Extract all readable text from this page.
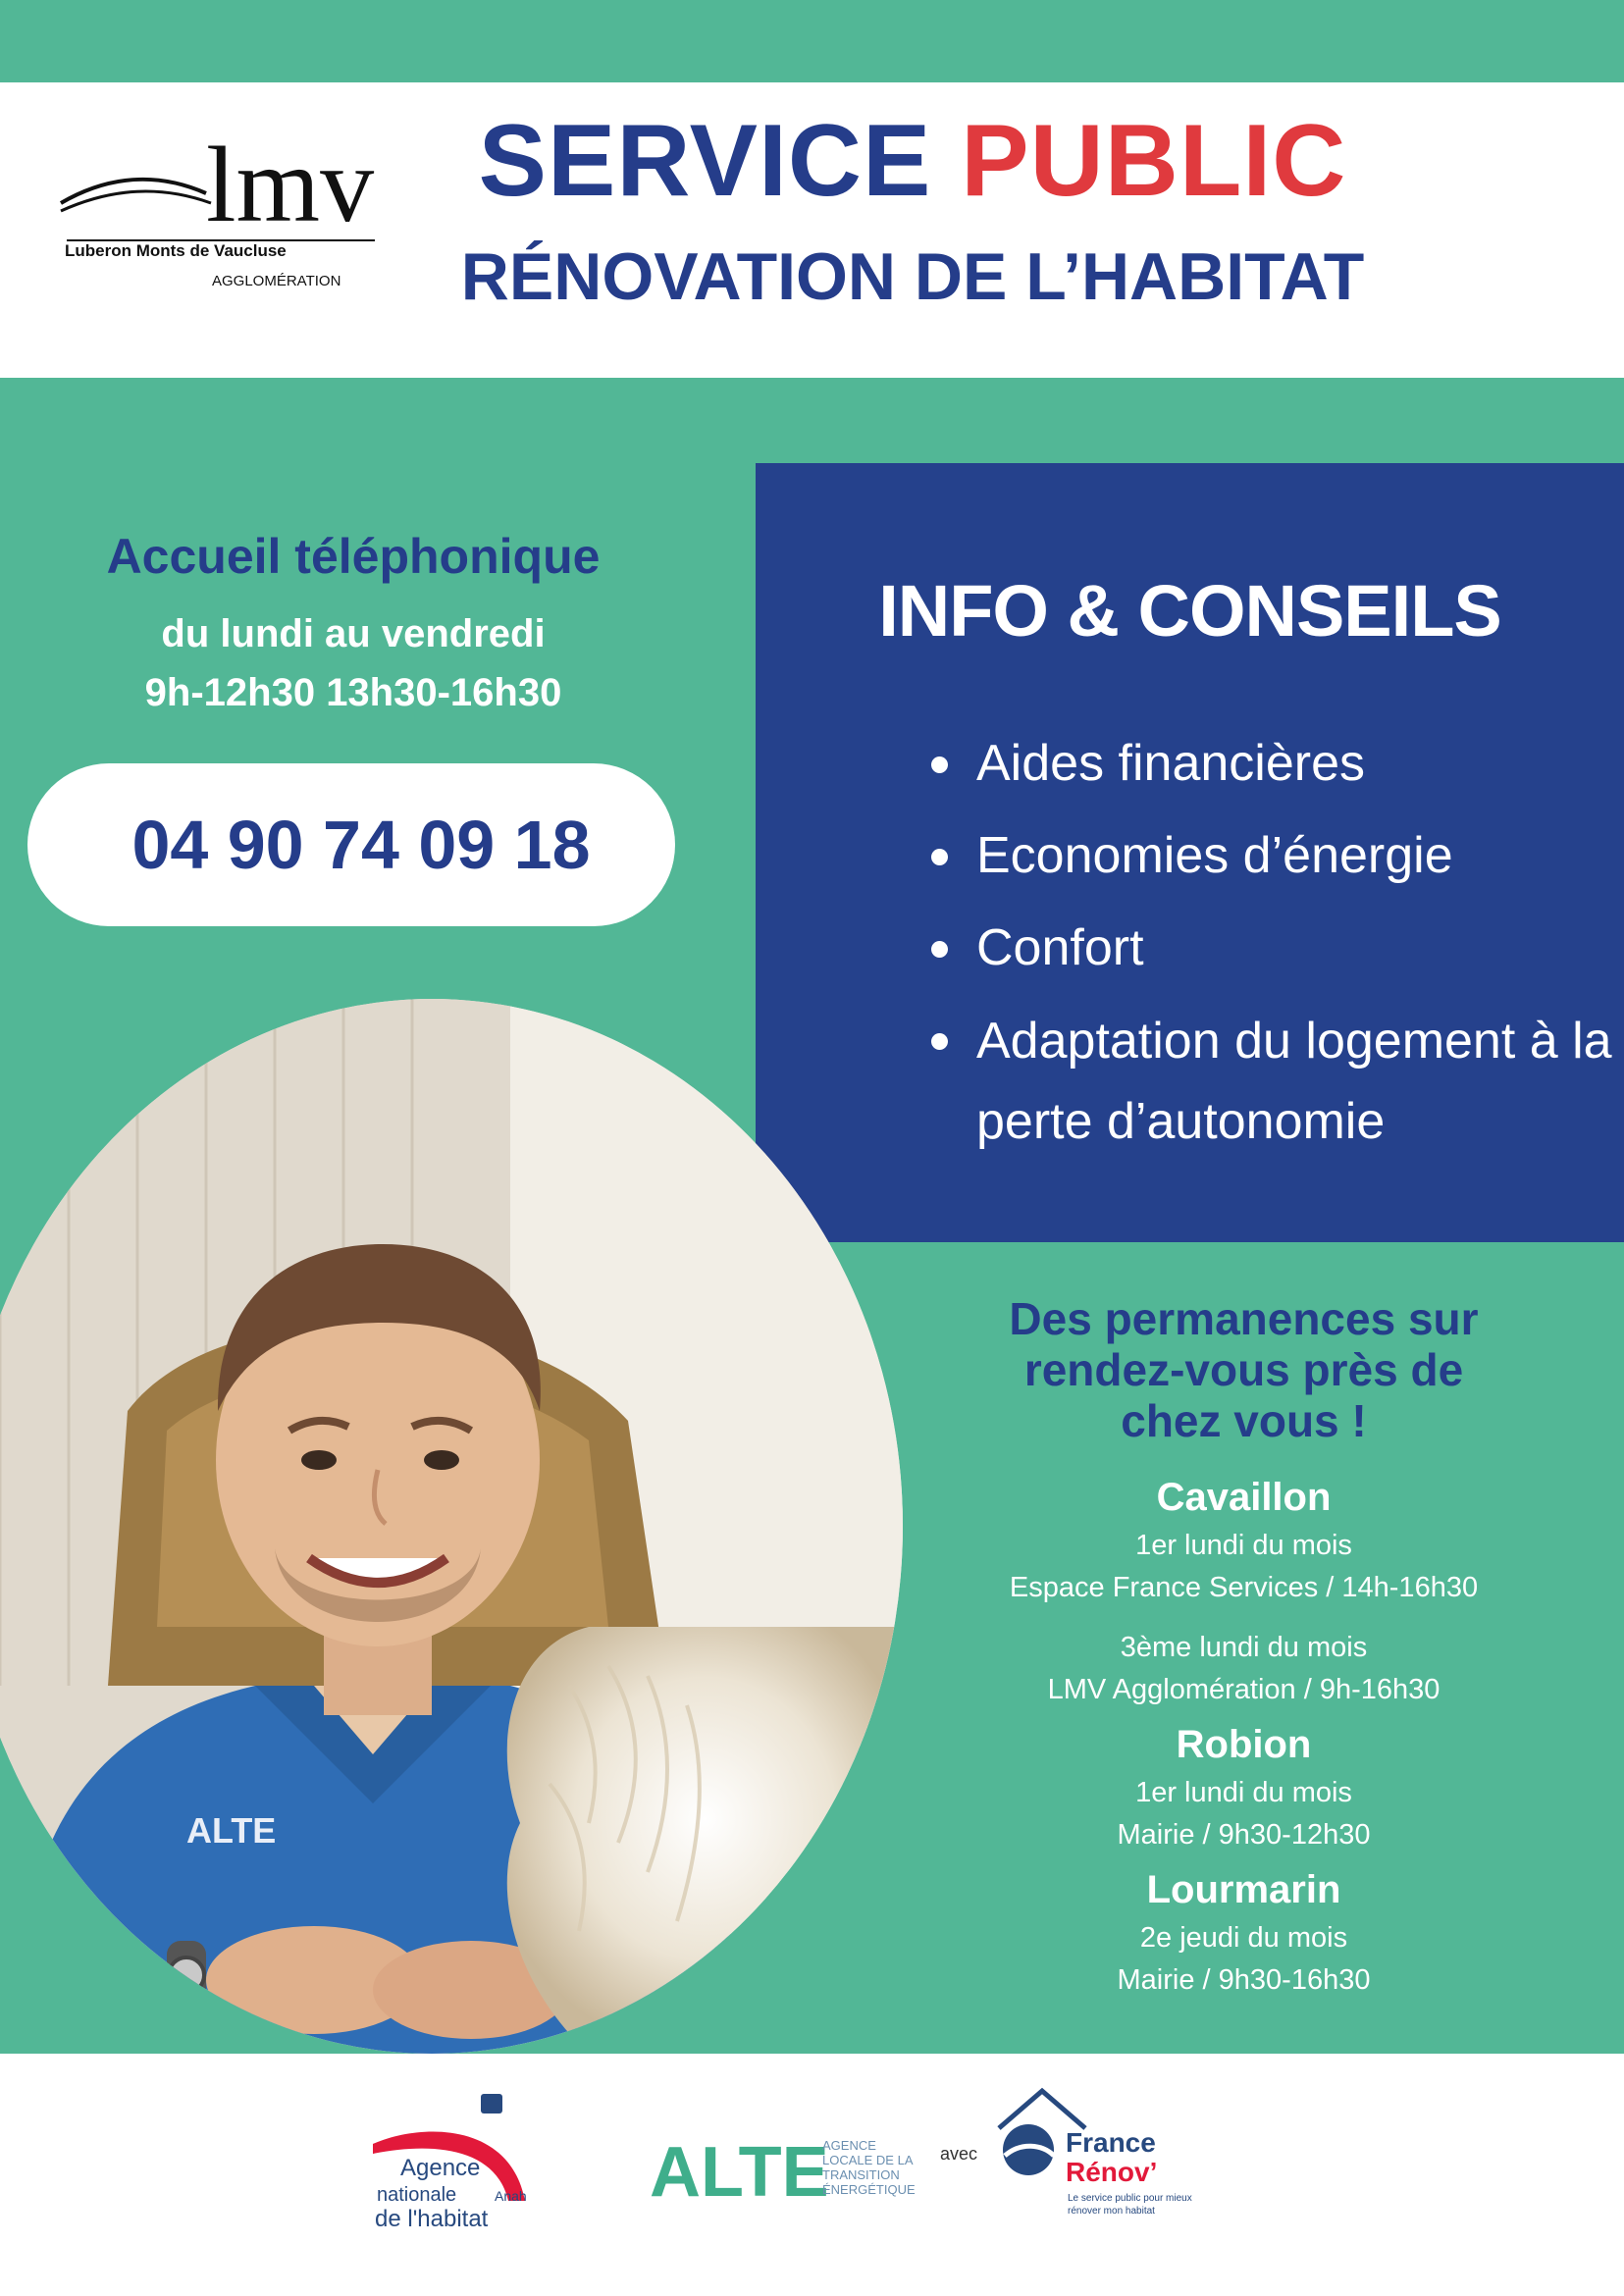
lmv
Luberon Monts de Vaucluse
AGGLOMÉRATION
SERVICE PUBLIC
RÉNOVATION DE L’HABITAT
Accueil téléphonique
du lundi au vendredi
9h-12h30 13h30-16h30
04 90 74 09 18
INFO & CONSEILS
Aides financières
Economies d’énergie
Confort
Adaptation du logement à la perte d’autonomie
ALTE
Des permanences sur rendez-vous près de chez vous !
Cavaillon
1er lundi du mois
Espace France Services / 14h-16h30
3ème lundi du mois
LMV Agglomération / 9h-16h30
Robion
1er lundi du mois
Mairie / 9h30-12h30
Lourmarin
2e jeudi du mois
Mairie / 9h30-16h30
Agence
nationale	Anah
de l'habitat
ALTE
AGENCE
LOCALE DE LA
TRANSITION
ÉNERGÉTIQUE
avec	France
Rénov’
Le service public pour mieux
rénover mon habitat
